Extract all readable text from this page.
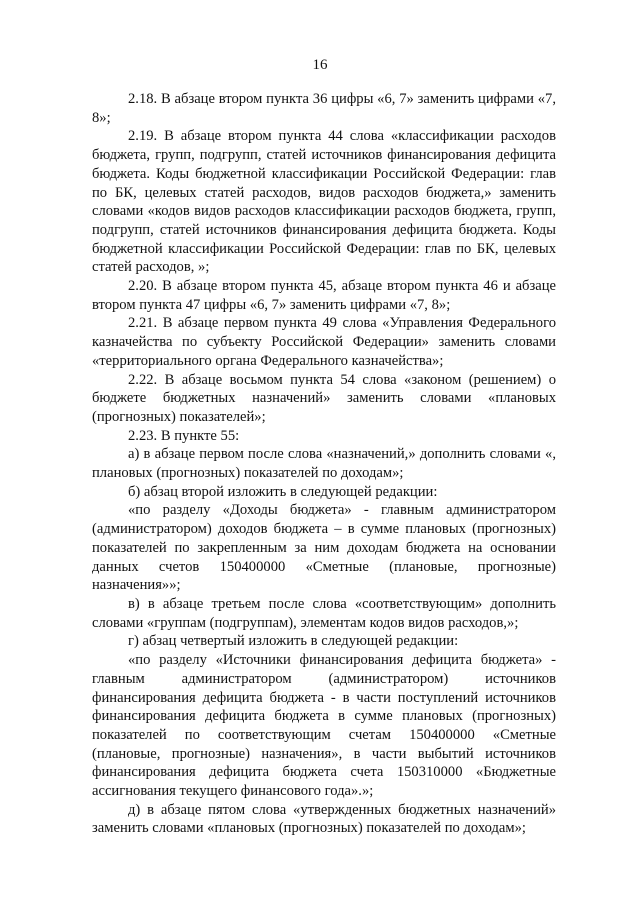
16

2.18. В абзаце втором пункта 36 цифры «6, 7» заменить цифрами «7, 8»;

2.19. В абзаце втором пункта 44 слова «классификации расходов бюджета, групп, подгрупп, статей источников финансирования дефицита бюджета. Коды бюджетной классификации Российской Федерации: глав по БК, целевых статей расходов, видов расходов бюджета,» заменить словами «кодов видов расходов классификации расходов бюджета, групп, подгрупп, статей источников финансирования дефицита бюджета. Коды бюджетной классификации Российской Федерации: глав по БК, целевых статей расходов, »;

2.20. В абзаце втором пункта 45, абзаце втором пункта 46 и абзаце втором пункта 47 цифры «6, 7» заменить цифрами «7, 8»;

2.21. В абзаце первом пункта 49 слова «Управления Федерального казначейства по субъекту Российской Федерации» заменить словами «территориального органа Федерального казначейства»;

2.22. В абзаце восьмом пункта 54 слова «законом (решением) о бюджете бюджетных назначений» заменить словами «плановых (прогнозных) показателей»;

2.23. В пункте 55:

а) в абзаце первом после слова «назначений,» дополнить словами «, плановых (прогнозных) показателей по доходам»;

б) абзац второй изложить в следующей редакции:

«по разделу «Доходы бюджета» - главным администратором (администратором) доходов бюджета – в сумме плановых (прогнозных) показателей по закрепленным за ним доходам бюджета на основании данных счетов 150400000 «Сметные (плановые, прогнозные) назначения»»;

в) в абзаце третьем после слова «соответствующим» дополнить словами «группам (подгруппам), элементам кодов видов расходов,»;

г) абзац четвертый изложить в следующей редакции:

«по разделу «Источники финансирования дефицита бюджета» - главным администратором (администратором) источников финансирования дефицита бюджета - в части поступлений источников финансирования дефицита бюджета в сумме плановых (прогнозных) показателей по соответствующим счетам 150400000 «Сметные (плановые, прогнозные) назначения», в части выбытий источников финансирования дефицита бюджета счета 150310000 «Бюджетные ассигнования текущего финансового года».»;

д) в абзаце пятом слова «утвержденных бюджетных назначений» заменить словами «плановых (прогнозных) показателей по доходам»;
